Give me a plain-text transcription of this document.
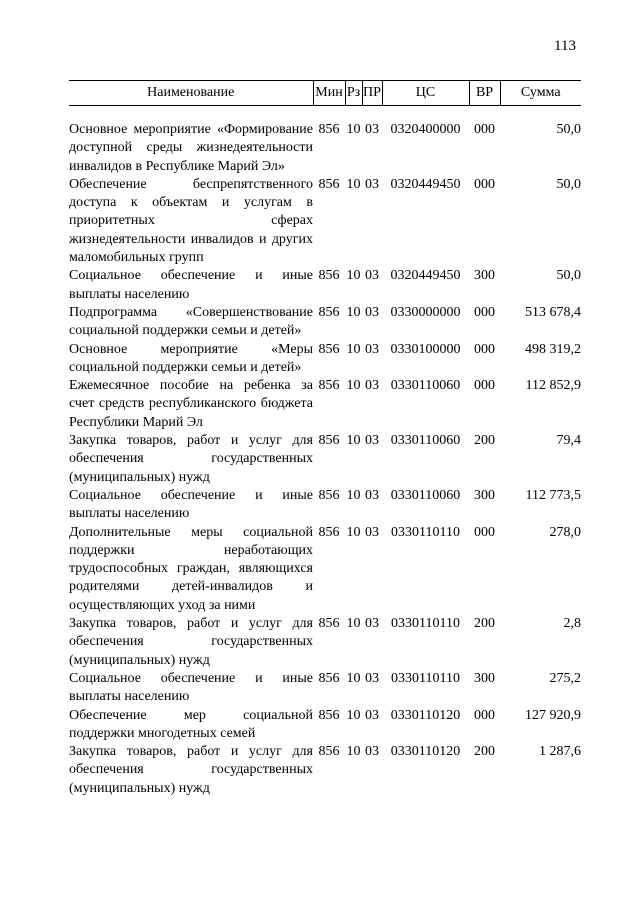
113
Наименование	Мин	Рз	ПР	ЦС	ВР	Сумма

Основное мероприятие «Формирование доступной среды жизнедеятельности инвалидов в Республике Марий Эл»	856	10	03	0320400000	000	50,0
Обеспечение беспрепятственного доступа к объектам и услугам в приоритетных сферах жизнедеятельности инвалидов и других маломобильных групп	856	10	03	0320449450	000	50,0
Социальное обеспечение и иные выплаты населению	856	10	03	0320449450	300	50,0
Подпрограмма «Совершенствование социальной поддержки семьи и детей»	856	10	03	0330000000	000	513 678,4
Основное мероприятие «Меры социальной поддержки семьи и детей»	856	10	03	0330100000	000	498 319,2
Ежемесячное пособие на ребенка за счет средств республиканского бюджета Республики Марий Эл	856	10	03	0330110060	000	112 852,9
Закупка товаров, работ и услуг для обеспечения государственных (муниципальных) нужд	856	10	03	0330110060	200	79,4
Социальное обеспечение и иные выплаты населению	856	10	03	0330110060	300	112 773,5
Дополнительные меры социальной поддержки неработающих трудоспособных граждан, являющихся родителями детей-инвалидов и осуществляющих уход за ними	856	10	03	0330110110	000	278,0
Закупка товаров, работ и услуг для обеспечения государственных (муниципальных) нужд	856	10	03	0330110110	200	2,8
Социальное обеспечение и иные выплаты населению	856	10	03	0330110110	300	275,2
Обеспечение мер социальной поддержки многодетных семей	856	10	03	0330110120	000	127 920,9
Закупка товаров, работ и услуг для обеспечения государственных (муниципальных) нужд	856	10	03	0330110120	200	1 287,6
